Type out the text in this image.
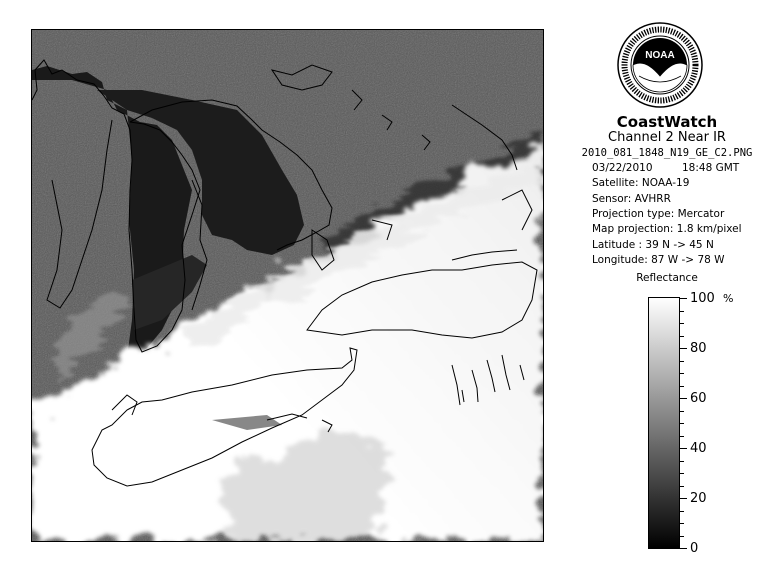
NOAA
CoastWatch
Channel 2 Near IR
2010_081_1848_N19_GE_C2.PNG
03/22/2010	18:48 GMT
Satellite: NOAA-19
Sensor: AVHRR
Projection type: Mercator
Map projection: 1.8 km/pixel
Latitude : 39 N -> 45 N
Longitude: 87 W -> 78 W
Reflectance
%
100
80
60
40
20
0
